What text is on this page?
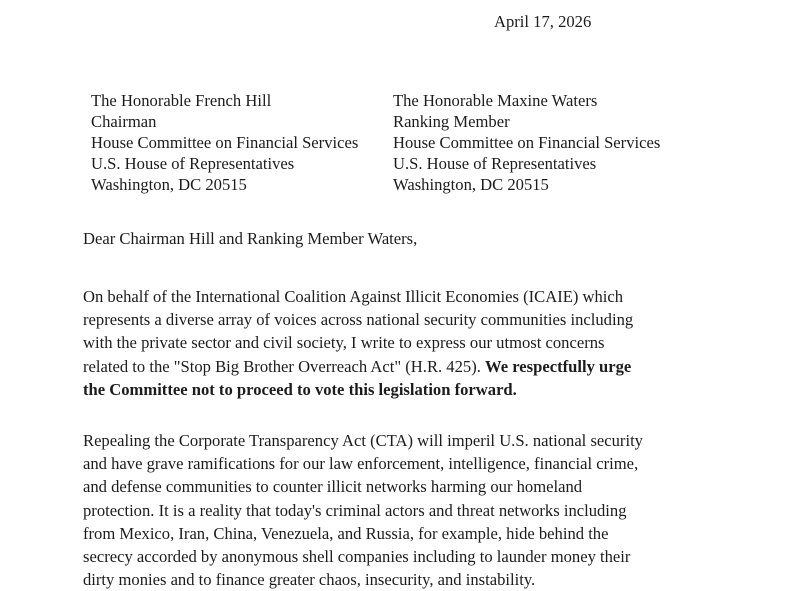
April 17, 2026
The Honorable French Hill
Chairman
House Committee on Financial Services
U.S. House of Representatives
Washington, DC 20515
The Honorable Maxine Waters
Ranking Member
House Committee on Financial Services
U.S. House of Representatives
Washington, DC 20515
Dear Chairman Hill and Ranking Member Waters,
On behalf of the International Coalition Against Illicit Economies (ICAIE) which
represents a diverse array of voices across national security communities including
with the private sector and civil society, I write to express our utmost concerns
related to the "Stop Big Brother Overreach Act" (H.R. 425). We respectfully urge
the Committee not to proceed to vote this legislation forward.
Repealing the Corporate Transparency Act (CTA) will imperil U.S. national security
and have grave ramifications for our law enforcement, intelligence, financial crime,
and defense communities to counter illicit networks harming our homeland
protection. It is a reality that today's criminal actors and threat networks including
from Mexico, Iran, China, Venezuela, and Russia, for example, hide behind the
secrecy accorded by anonymous shell companies including to launder money their
dirty monies and to finance greater chaos, insecurity, and instability.
